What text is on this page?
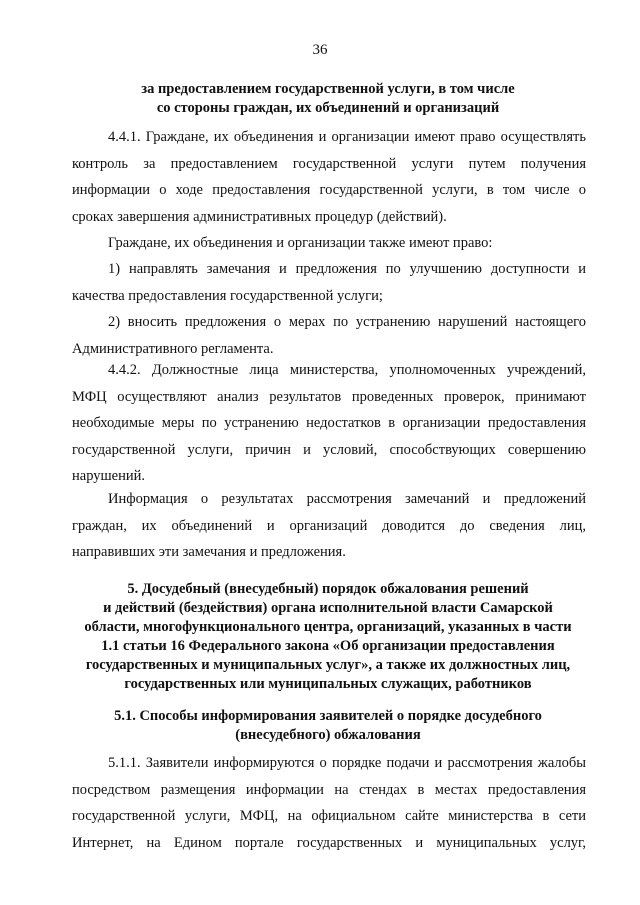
36
за предоставлением государственной услуги, в том числе
со стороны граждан, их объединений и организаций
4.4.1. Граждане, их объединения и организации имеют право осуществлять
контроль за предоставлением государственной услуги путем получения
информации о ходе предоставления государственной услуги, в том числе о
сроках завершения административных процедур (действий).
Граждане, их объединения и организации также имеют право:
1) направлять замечания и предложения по улучшению доступности и
качества предоставления государственной услуги;
2) вносить предложения о мерах по устранению нарушений настоящего
Административного регламента.
4.4.2. Должностные лица министерства, уполномоченных учреждений,
МФЦ осуществляют анализ результатов проведенных проверок, принимают
необходимые меры по устранению недостатков в организации предоставления
государственной услуги, причин и условий, способствующих совершению
нарушений.
Информация о результатах рассмотрения замечаний и предложений
граждан, их объединений и организаций доводится до сведения лиц,
направивших эти замечания и предложения.
5. Досудебный (внесудебный) порядок обжалования решений
и действий (бездействия) органа исполнительной власти Самарской
области, многофункционального центра, организаций, указанных в части
1.1 статьи 16 Федерального закона «Об организации предоставления
государственных и муниципальных услуг», а также их должностных лиц,
государственных или муниципальных служащих, работников
5.1. Способы информирования заявителей о порядке досудебного
(внесудебного) обжалования
5.1.1. Заявители информируются о порядке подачи и рассмотрения жалобы
посредством размещения информации на стендах в местах предоставления
государственной услуги, МФЦ, на официальном сайте министерства в сети
Интернет, на Едином портале государственных и муниципальных услуг,
